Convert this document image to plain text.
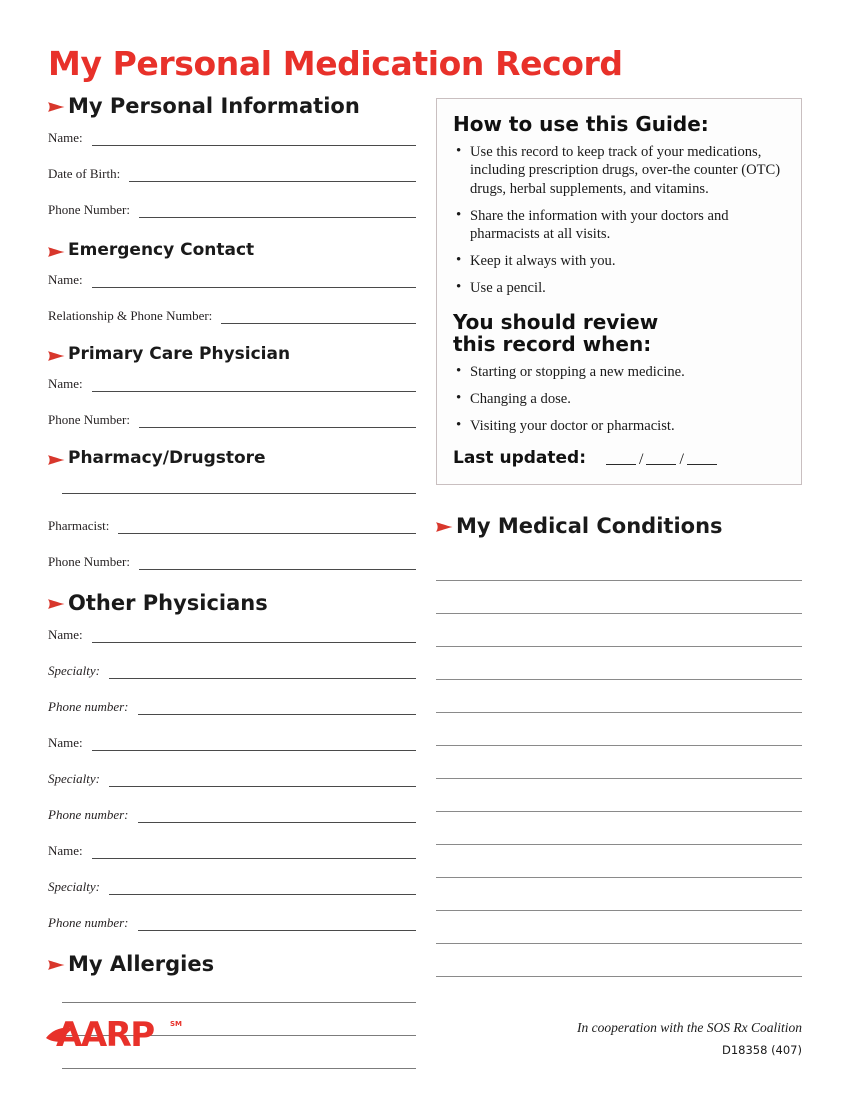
My Personal Medication Record
My Personal Information
Name:
Date of Birth:
Phone Number:
Emergency Contact
Name:
Relationship & Phone Number:
Primary Care Physician
Name:
Phone Number:
Pharmacy/Drugstore
Pharmacist:
Phone Number:
Other Physicians
Name:
Specialty:
Phone number:
Name:
Specialty:
Phone number:
Name:
Specialty:
Phone number:
My Allergies
How to use this Guide:
• Use this record to keep track of your medications, including prescription drugs, over-the counter (OTC) drugs, herbal supplements, and vitamins.
• Share the information with your doctors and pharmacists at all visits.
• Keep it always with you.
• Use a pencil.
You should review
this record when:
• Starting or stopping a new medicine.
• Changing a dose.
• Visiting your doctor or pharmacist.
Last updated:	/ /
My Medical Conditions
AARP SM	In cooperation with the SOS Rx Coalition
D18358 (407)
